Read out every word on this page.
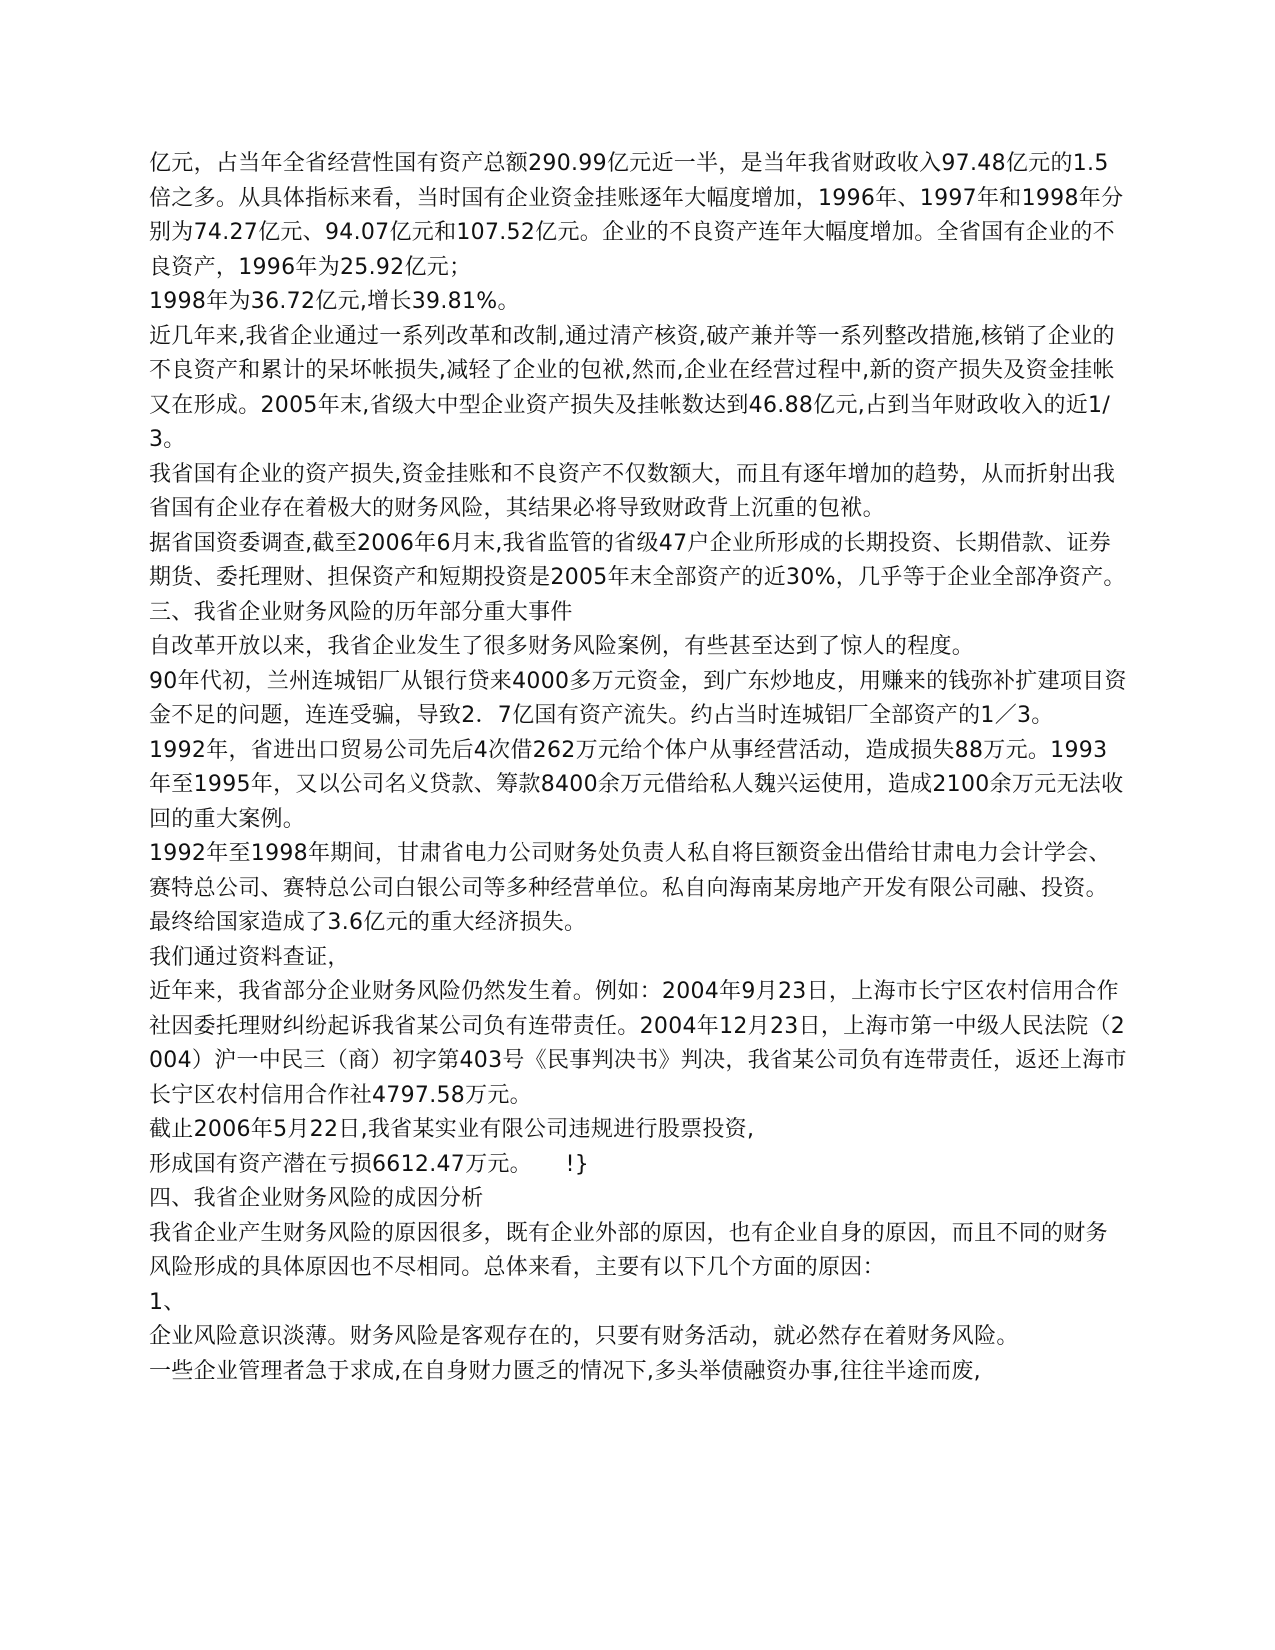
亿元，占当年全省经营性国有资产总额290.99亿元近一半，是当年我省财政收入97.48亿元的1.5倍之多。从具体指标来看，当时国有企业资金挂账逐年大幅度增加，1996年、1997年和1998年分别为74.27亿元、94.07亿元和107.52亿元。企业的不良资产连年大幅度增加。全省国有企业的不良资产，1996年为25.92亿元；

1998年为36.72亿元,增长39.81%。

近几年来,我省企业通过一系列改革和改制,通过清产核资,破产兼并等一系列整改措施,核销了企业的不良资产和累计的呆坏帐损失,减轻了企业的包袱,然而,企业在经营过程中,新的资产损失及资金挂帐又在形成。2005年末,省级大中型企业资产损失及挂帐数达到46.88亿元,占到当年财政收入的近1/3。

我省国有企业的资产损失,资金挂账和不良资产不仅数额大，而且有逐年增加的趋势，从而折射出我省国有企业存在着极大的财务风险，其结果必将导致财政背上沉重的包袱。

据省国资委调查,截至2006年6月末,我省监管的省级47户企业所形成的长期投资、长期借款、证券期货、委托理财、担保资产和短期投资是2005年末全部资产的近30%，几乎等于企业全部净资产。

三、我省企业财务风险的历年部分重大事件

自改革开放以来，我省企业发生了很多财务风险案例，有些甚至达到了惊人的程度。

90年代初，兰州连城铝厂从银行贷来4000多万元资金，到广东炒地皮，用赚来的钱弥补扩建项目资金不足的问题，连连受骗，导致2．7亿国有资产流失。约占当时连城铝厂全部资产的1／3。

1992年，省进出口贸易公司先后4次借262万元给个体户从事经营活动，造成损失88万元。1993年至1995年，又以公司名义贷款、筹款8400余万元借给私人魏兴运使用，造成2100余万元无法收回的重大案例。

1992年至1998年期间，甘肃省电力公司财务处负责人私自将巨额资金出借给甘肃电力会计学会、赛特总公司、赛特总公司白银公司等多种经营单位。私自向海南某房地产开发有限公司融、投资。最终给国家造成了3.6亿元的重大经济损失。

我们通过资料查证，

近年来，我省部分企业财务风险仍然发生着。例如：2004年9月23日，上海市长宁区农村信用合作社因委托理财纠纷起诉我省某公司负有连带责任。2004年12月23日，上海市第一中级人民法院（2004）沪一中民三（商）初字第403号《民事判决书》判决，我省某公司负有连带责任，返还上海市长宁区农村信用合作社4797.58万元。

截止2006年5月22日,我省某实业有限公司违规进行股票投资,

形成国有资产潜在亏损6612.47万元。　　!}

四、我省企业财务风险的成因分析

我省企业产生财务风险的原因很多，既有企业外部的原因，也有企业自身的原因，而且不同的财务风险形成的具体原因也不尽相同。总体来看，主要有以下几个方面的原因：

1、

企业风险意识淡薄。财务风险是客观存在的，只要有财务活动，就必然存在着财务风险。

一些企业管理者急于求成,在自身财力匮乏的情况下,多头举债融资办事,往往半途而废,
